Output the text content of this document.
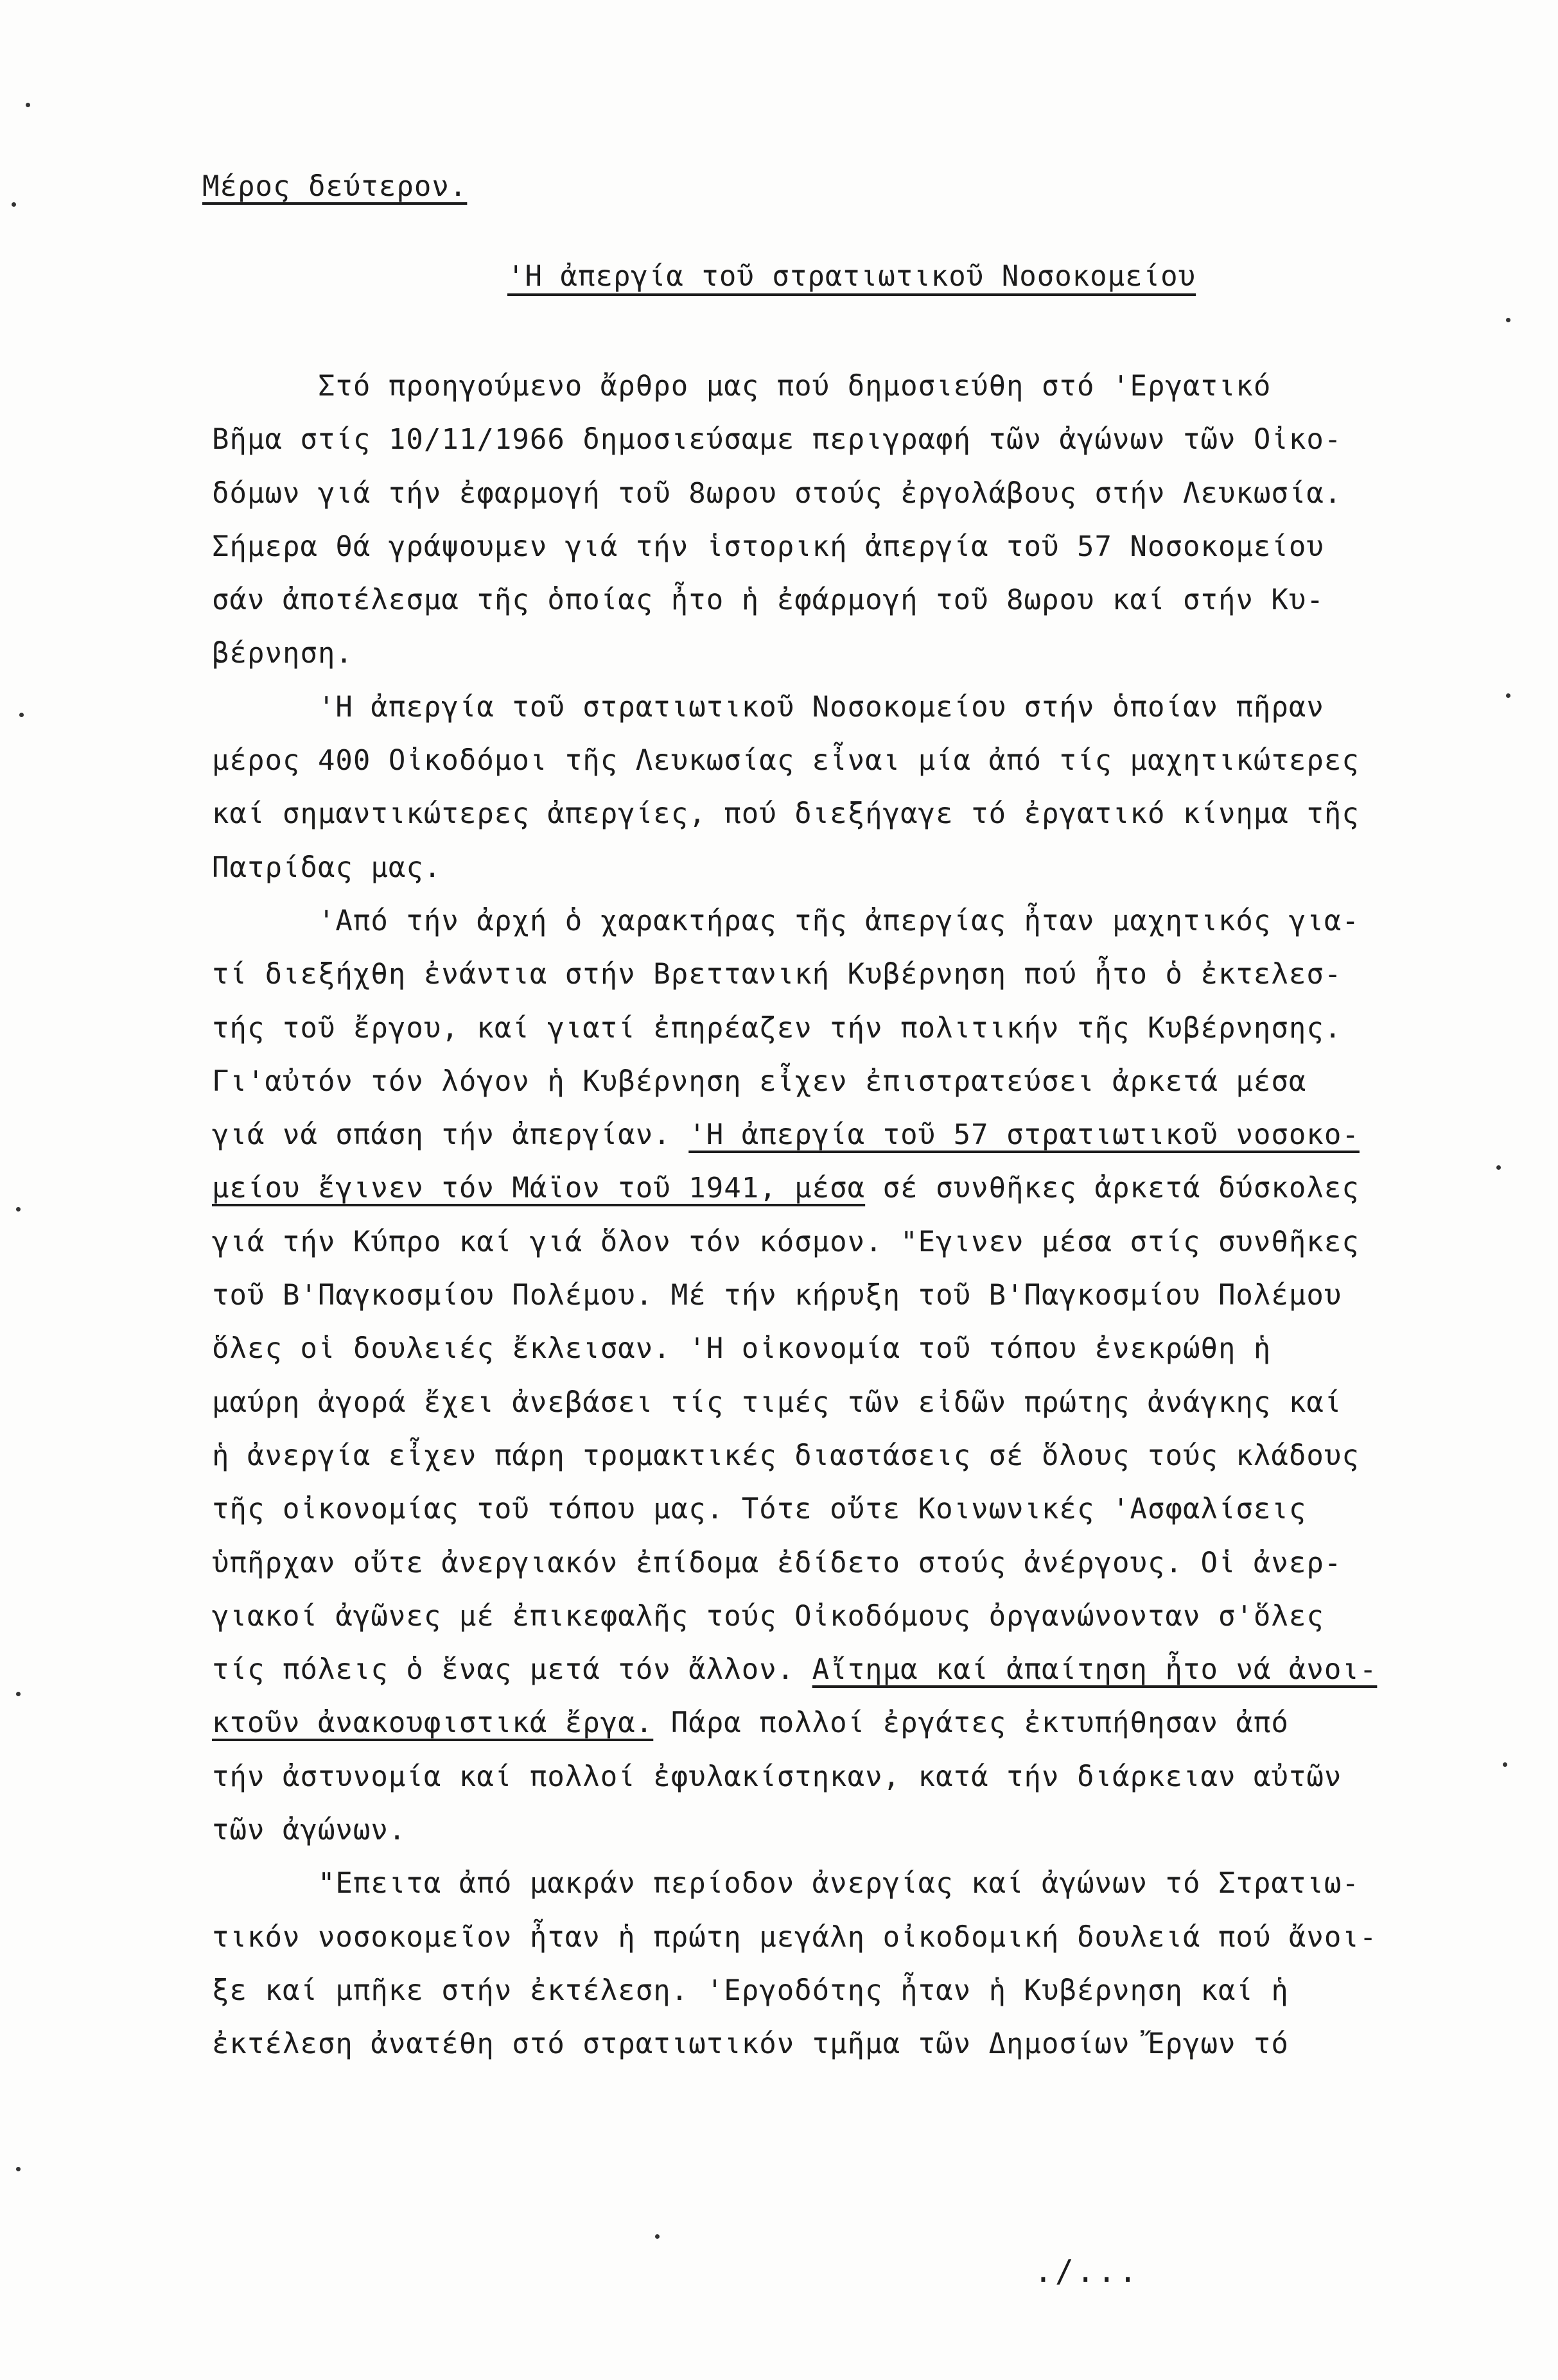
Μέρος δεύτερον.
'Η ἀπεργία τοῦ στρατιωτικοῦ Νοσοκομείου
Στό προηγούμενο ἄρθρο μας πού δημοσιεύθη στό 'Εργατικό
Βῆμα στίς 10/11/1966 δημοσιεύσαμε περιγραφή τῶν ἀγώνων τῶν Οἰκο-
δόμων γιά τήν ἐφαρμογή τοῦ 8ωρου στούς ἐργολάβους στήν Λευκωσία.
Σήμερα θά γράψουμεν γιά τήν ἱστορική ἀπεργία τοῦ 57 Νοσοκομείου
σάν ἀποτέλεσμα τῆς ὁποίας ἦτο ἡ ἐφάρμογή τοῦ 8ωρου καί στήν Κυ-
βέρνηση.
'Η ἀπεργία τοῦ στρατιωτικοῦ Νοσοκομείου στήν ὁποίαν πῆραν
μέρος 400 Οἰκοδόμοι τῆς Λευκωσίας εἶναι μία ἀπό τίς μαχητικώτερες
καί σημαντικώτερες ἀπεργίες, πού διεξήγαγε τό ἐργατικό κίνημα τῆς
Πατρίδας μας.
'Από τήν ἀρχή ὁ χαρακτήρας τῆς ἀπεργίας ἦταν μαχητικός για-
τί διεξήχθη ἐνάντια στήν Βρεττανική Κυβέρνηση πού ἦτο ὁ ἐκτελεσ-
τής τοῦ ἔργου, καί γιατί ἐπηρέαζεν τήν πολιτικήν τῆς Κυβέρνησης.
Γι'αὐτόν τόν λόγον ἡ Κυβέρνηση εἶχεν ἐπιστρατεύσει ἀρκετά μέσα
γιά νά σπάση τήν ἀπεργίαν. 'Η ἀπεργία τοῦ 57 στρατιωτικοῦ νοσοκο-
μείου ἔγινεν τόν Μάϊον τοῦ 1941, μέσα σέ συνθῆκες ἀρκετά δύσκολες
γιά τήν Κύπρο καί γιά ὅλον τόν κόσμον. "Εγινεν μέσα στίς συνθῆκες
τοῦ Β'Παγκοσμίου Πολέμου. Μέ τήν κήρυξη τοῦ Β'Παγκοσμίου Πολέμου
ὅλες οἱ δουλειές ἔκλεισαν. 'Η οἰκονομία τοῦ τόπου ἐνεκρώθη ἡ
μαύρη ἀγορά ἔχει ἀνεβάσει τίς τιμές τῶν εἰδῶν πρώτης ἀνάγκης καί
ἡ ἀνεργία εἶχεν πάρη τρομακτικές διαστάσεις σέ ὅλους τούς κλάδους
τῆς οἰκονομίας τοῦ τόπου μας. Τότε οὔτε Κοινωνικές 'Ασφαλίσεις
ὑπῆρχαν οὔτε ἀνεργιακόν ἐπίδομα ἐδίδετο στούς ἀνέργους. Οἱ ἀνερ-
γιακοί ἀγῶνες μέ ἐπικεφαλῆς τούς Οἰκοδόμους ὀργανώνονταν σ'ὅλες
τίς πόλεις ὁ ἕνας μετά τόν ἄλλον. Αἴτημα καί ἀπαίτηση ἦτο νά ἀνοι-
κτοῦν ἀνακουφιστικά ἔργα. Πάρα πολλοί ἐργάτες ἐκτυπήθησαν ἀπό
τήν ἀστυνομία καί πολλοί ἐφυλακίστηκαν, κατά τήν διάρκειαν αὐτῶν
τῶν ἀγώνων.
"Επειτα ἀπό μακράν περίοδον ἀνεργίας καί ἀγώνων τό Στρατιω-
τικόν νοσοκομεῖον ἦταν ἡ πρώτη μεγάλη οἰκοδομική δουλειά πού ἄνοι-
ξε καί μπῆκε στήν ἐκτέλεση. 'Εργοδότης ἦταν ἡ Κυβέρνηση καί ἡ
ἐκτέλεση ἀνατέθη στό στρατιωτικόν τμῆμα τῶν Δημοσίων Ἔργων τό
./...
